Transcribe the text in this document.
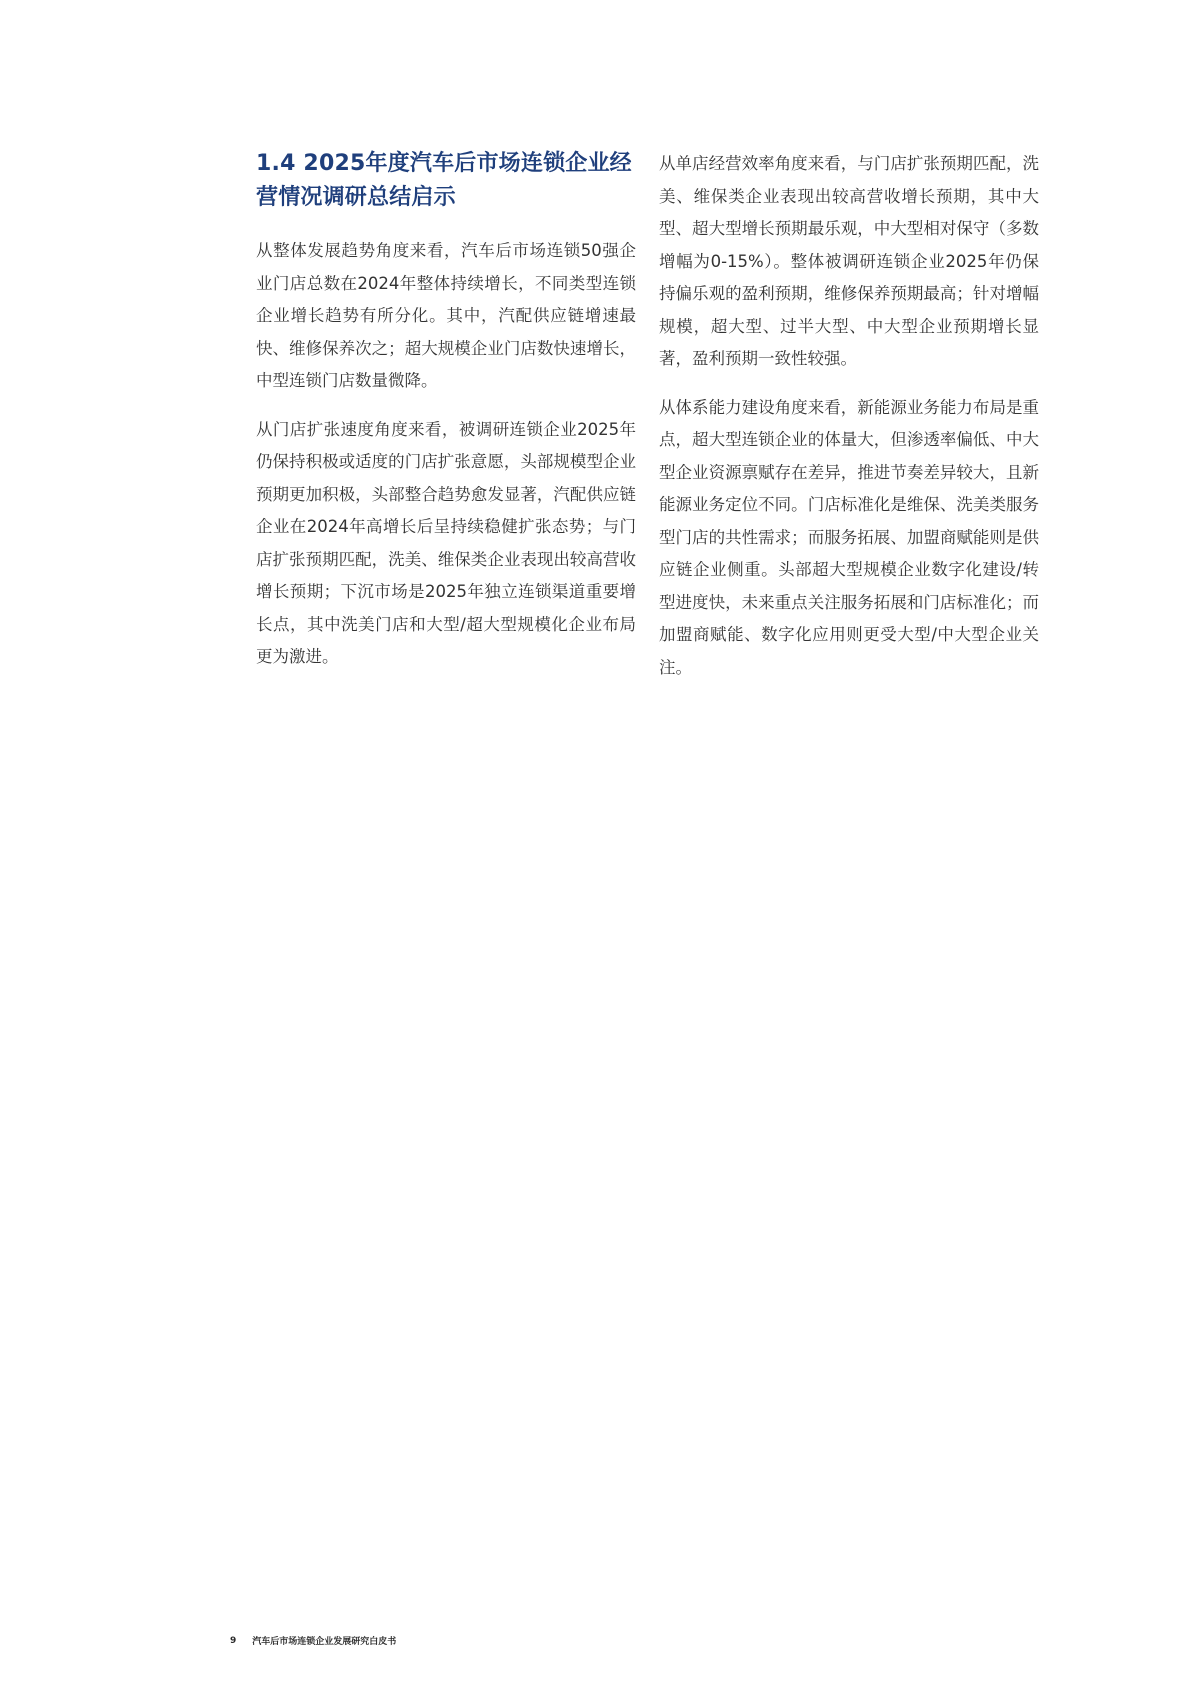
1.4 2025年度汽车后市场连锁企业经营情况调研总结启示

从整体发展趋势角度来看，汽车后市场连锁50强企业门店总数在2024年整体持续增长，不同类型连锁企业增长趋势有所分化。其中，汽配供应链增速最快、维修保养次之；超大规模企业门店数快速增长，中型连锁门店数量微降。

从门店扩张速度角度来看，被调研连锁企业2025年仍保持积极或适度的门店扩张意愿，头部规模型企业预期更加积极，头部整合趋势愈发显著，汽配供应链企业在2024年高增长后呈持续稳健扩张态势；与门店扩张预期匹配，洗美、维保类企业表现出较高营收增长预期；下沉市场是2025年独立连锁渠道重要增长点，其中洗美门店和大型/超大型规模化企业布局更为激进。

从单店经营效率角度来看，与门店扩张预期匹配，洗美、维保类企业表现出较高营收增长预期，其中大型、超大型增长预期最乐观，中大型相对保守（多数增幅为0-15%）。整体被调研连锁企业2025年仍保持偏乐观的盈利预期，维修保养预期最高；针对增幅规模，超大型、过半大型、中大型企业预期增长显著，盈利预期一致性较强。

从体系能力建设角度来看，新能源业务能力布局是重点，超大型连锁企业的体量大，但渗透率偏低、中大型企业资源禀赋存在差异，推进节奏差异较大，且新能源业务定位不同。门店标准化是维保、洗美类服务型门店的共性需求；而服务拓展、加盟商赋能则是供应链企业侧重。头部超大型规模企业数字化建设/转型进度快，未来重点关注服务拓展和门店标准化；而加盟商赋能、数字化应用则更受大型/中大型企业关注。

9 汽车后市场连锁企业发展研究白皮书
